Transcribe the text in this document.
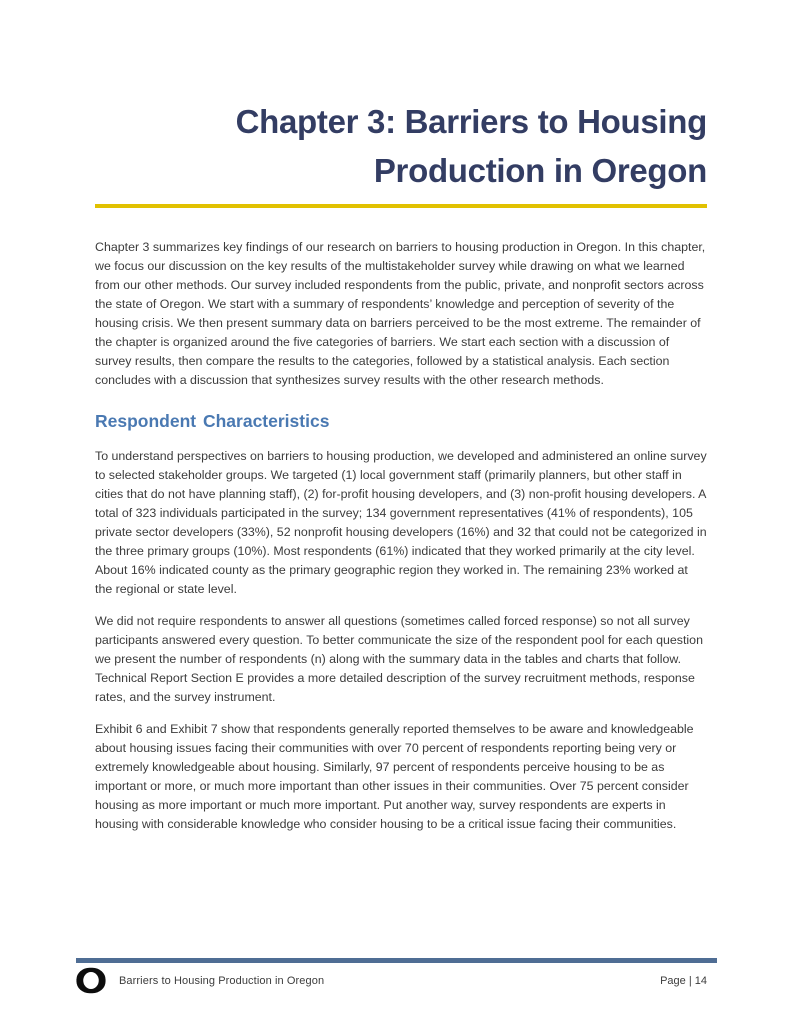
Chapter 3: Barriers to Housing
Production in Oregon

Chapter 3 summarizes key findings of our research on barriers to housing production in Oregon. In this chapter, we focus our discussion on the key results of the multistakeholder survey while drawing on what we learned from our other methods. Our survey included respondents from the public, private, and nonprofit sectors across the state of Oregon. We start with a summary of respondents’ knowledge and perception of severity of the housing crisis. We then present summary data on barriers perceived to be the most extreme. The remainder of the chapter is organized around the five categories of barriers. We start each section with a discussion of survey results, then compare the results to the categories, followed by a statistical analysis. Each section concludes with a discussion that synthesizes survey results with the other research methods.

Respondent Characteristics

To understand perspectives on barriers to housing production, we developed and administered an online survey to selected stakeholder groups. We targeted (1) local government staff (primarily planners, but other staff in cities that do not have planning staff), (2) for-profit housing developers, and (3) non-profit housing developers. A total of 323 individuals participated in the survey; 134 government representatives (41% of respondents), 105 private sector developers (33%), 52 nonprofit housing developers (16%) and 32 that could not be categorized in the three primary groups (10%). Most respondents (61%) indicated that they worked primarily at the city level. About 16% indicated county as the primary geographic region they worked in. The remaining 23% worked at the regional or state level.

We did not require respondents to answer all questions (sometimes called forced response) so not all survey participants answered every question. To better communicate the size of the respondent pool for each question we present the number of respondents (n) along with the summary data in the tables and charts that follow. Technical Report Section E provides a more detailed description of the survey recruitment methods, response rates, and the survey instrument.

Exhibit 6 and Exhibit 7 show that respondents generally reported themselves to be aware and knowledgeable about housing issues facing their communities with over 70 percent of respondents reporting being very or extremely knowledgeable about housing. Similarly, 97 percent of respondents perceive housing to be as important or more, or much more important than other issues in their communities. Over 75 percent consider housing as more important or much more important. Put another way, survey respondents are experts in housing with considerable knowledge who consider housing to be a critical issue facing their communities.

Barriers to Housing Production in Oregon	Page | 14
